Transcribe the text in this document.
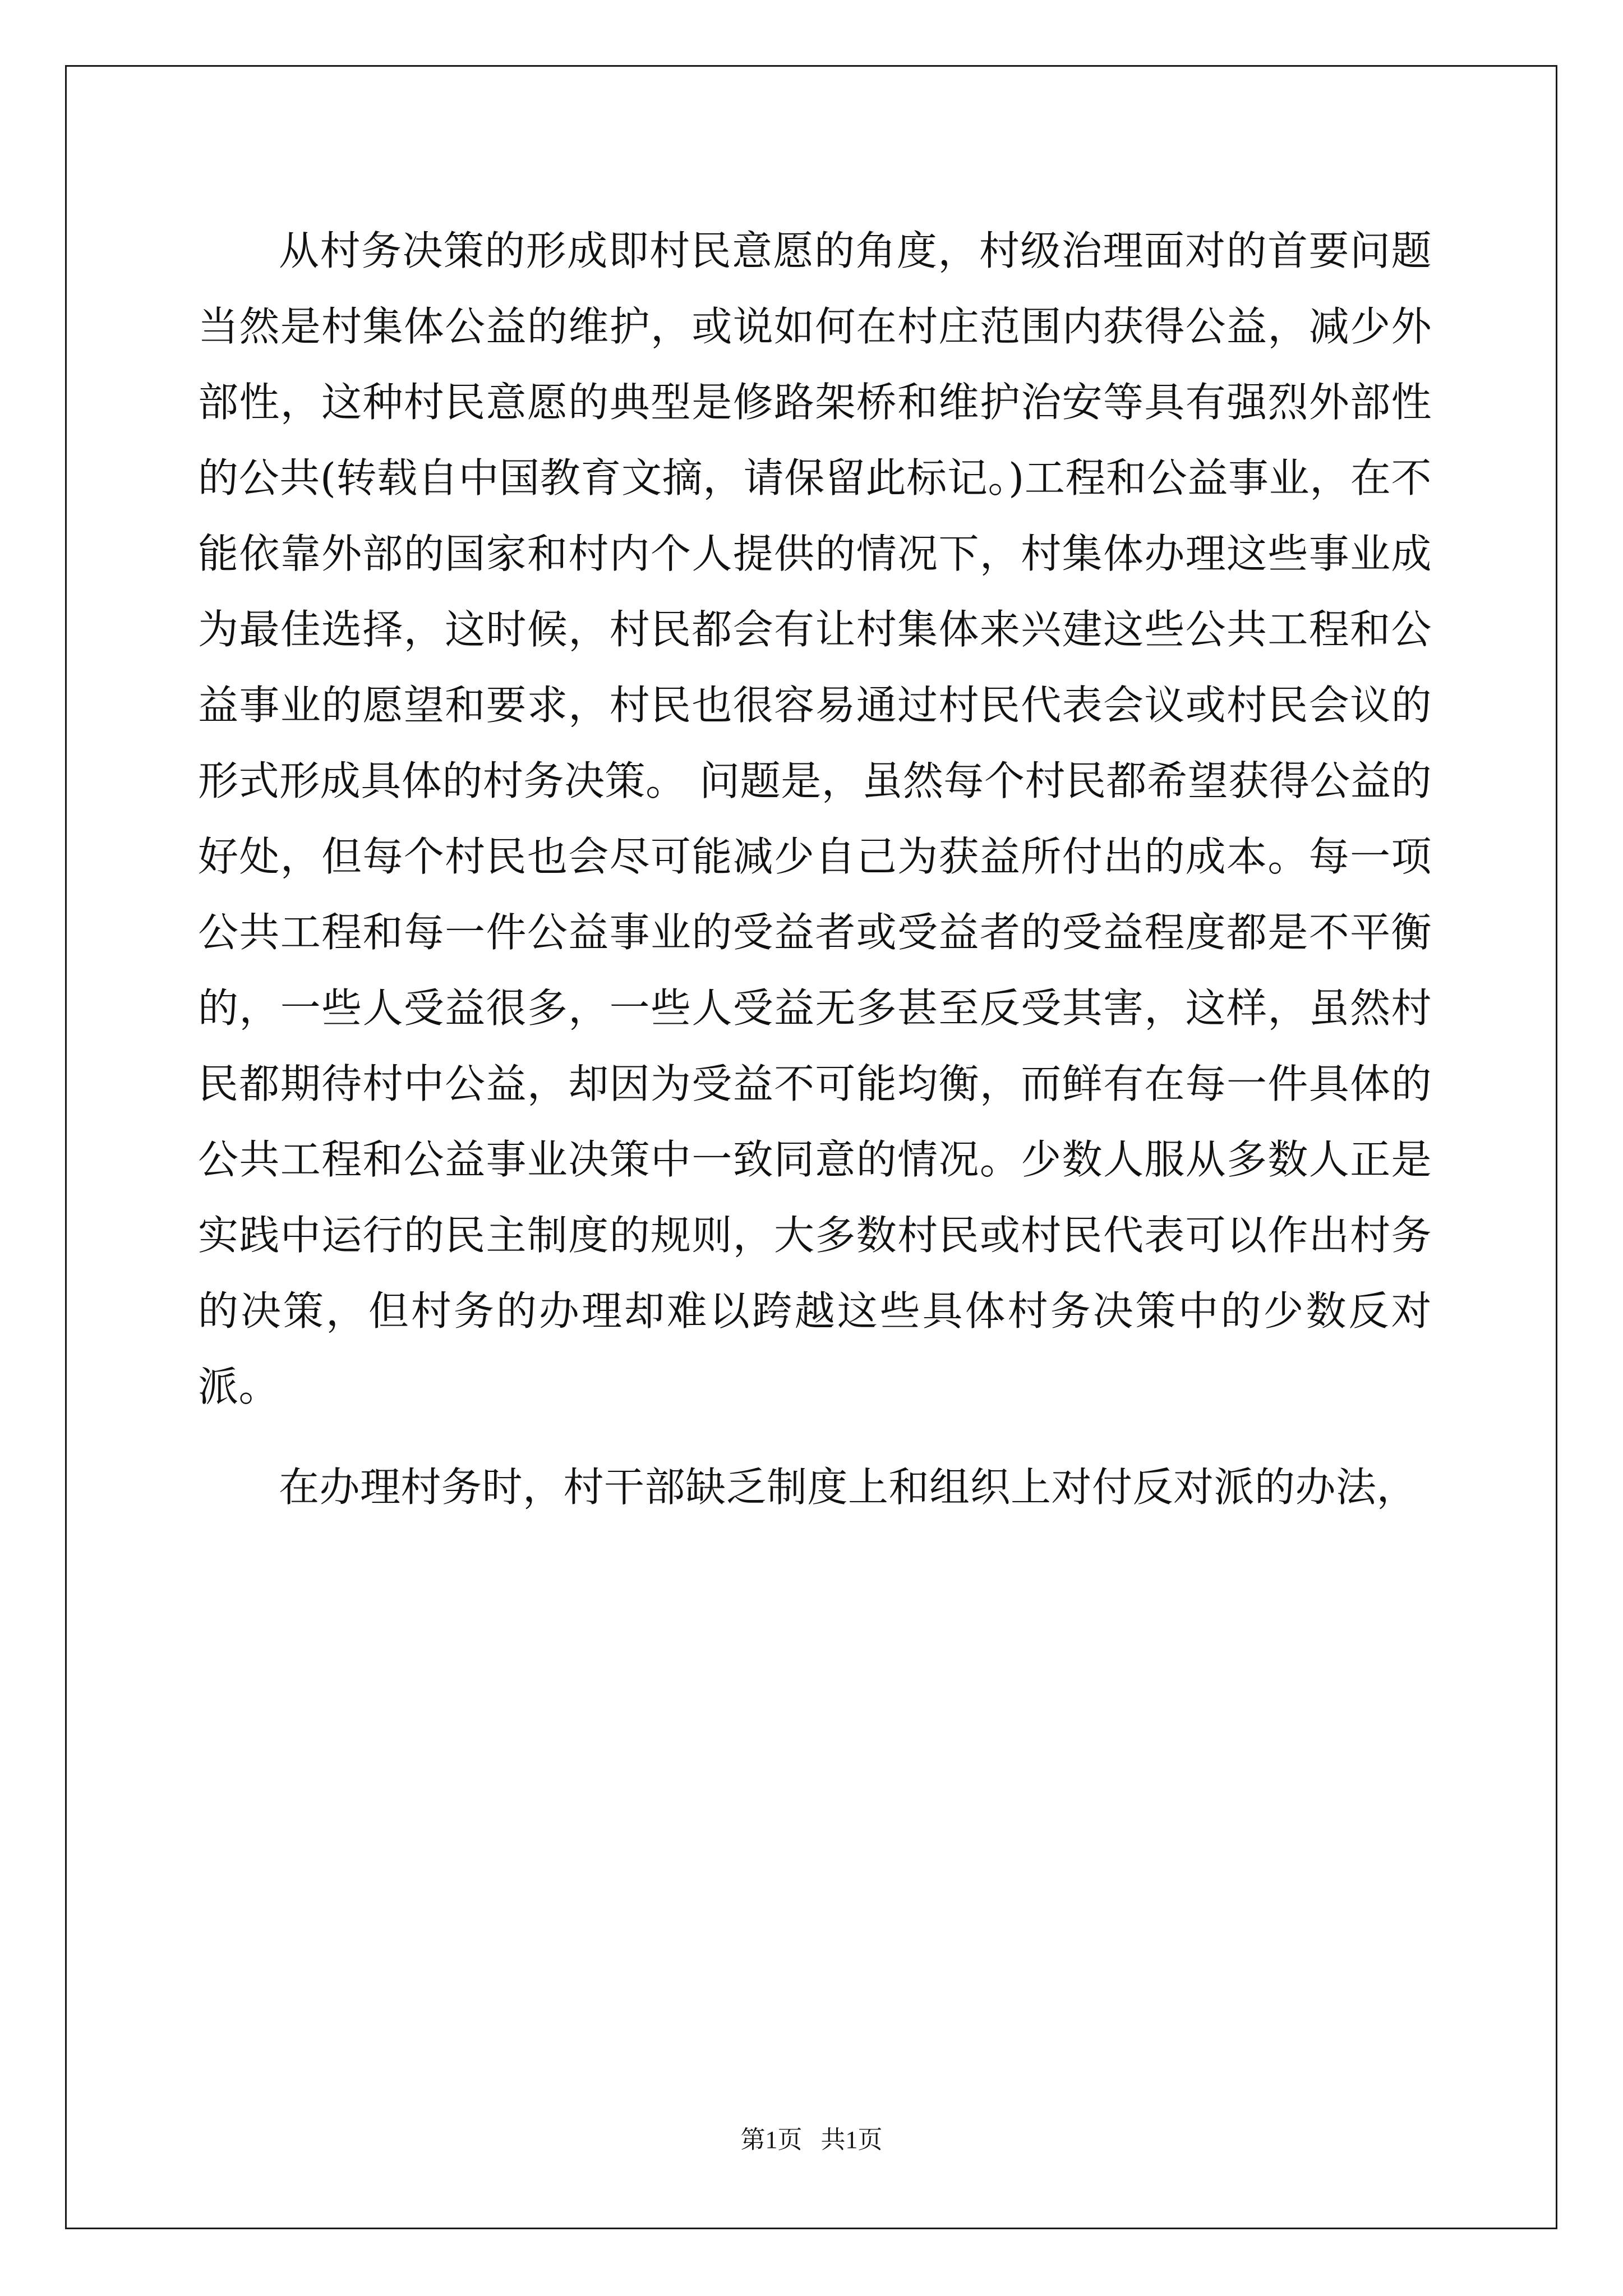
从村务决策的形成即村民意愿的角度，村级治理面对的首要问题当然是村集体公益的维护，或说如何在村庄范围内获得公益，减少外部性，这种村民意愿的典型是修路架桥和维护治安等具有强烈外部性的公共(转载自中国教育文摘，请保留此标记。)工程和公益事业，在不能依靠外部的国家和村内个人提供的情况下，村集体办理这些事业成为最佳选择，这时候，村民都会有让村集体来兴建这些公共工程和公益事业的愿望和要求，村民也很容易通过村民代表会议或村民会议的形式形成具体的村务决策。 问题是，虽然每个村民都希望获得公益的好处，但每个村民也会尽可能减少自己为获益所付出的成本。每一项公共工程和每一件公益事业的受益者或受益者的受益程度都是不平衡的，一些人受益很多，一些人受益无多甚至反受其害，这样，虽然村民都期待村中公益，却因为受益不可能均衡，而鲜有在每一件具体的公共工程和公益事业决策中一致同意的情况。少数人服从多数人正是实践中运行的民主制度的规则，大多数村民或村民代表可以作出村务的决策，但村务的办理却难以跨越这些具体村务决策中的少数反对派。

在办理村务时，村干部缺乏制度上和组织上对付反对派的办法，

第1页   共1页
